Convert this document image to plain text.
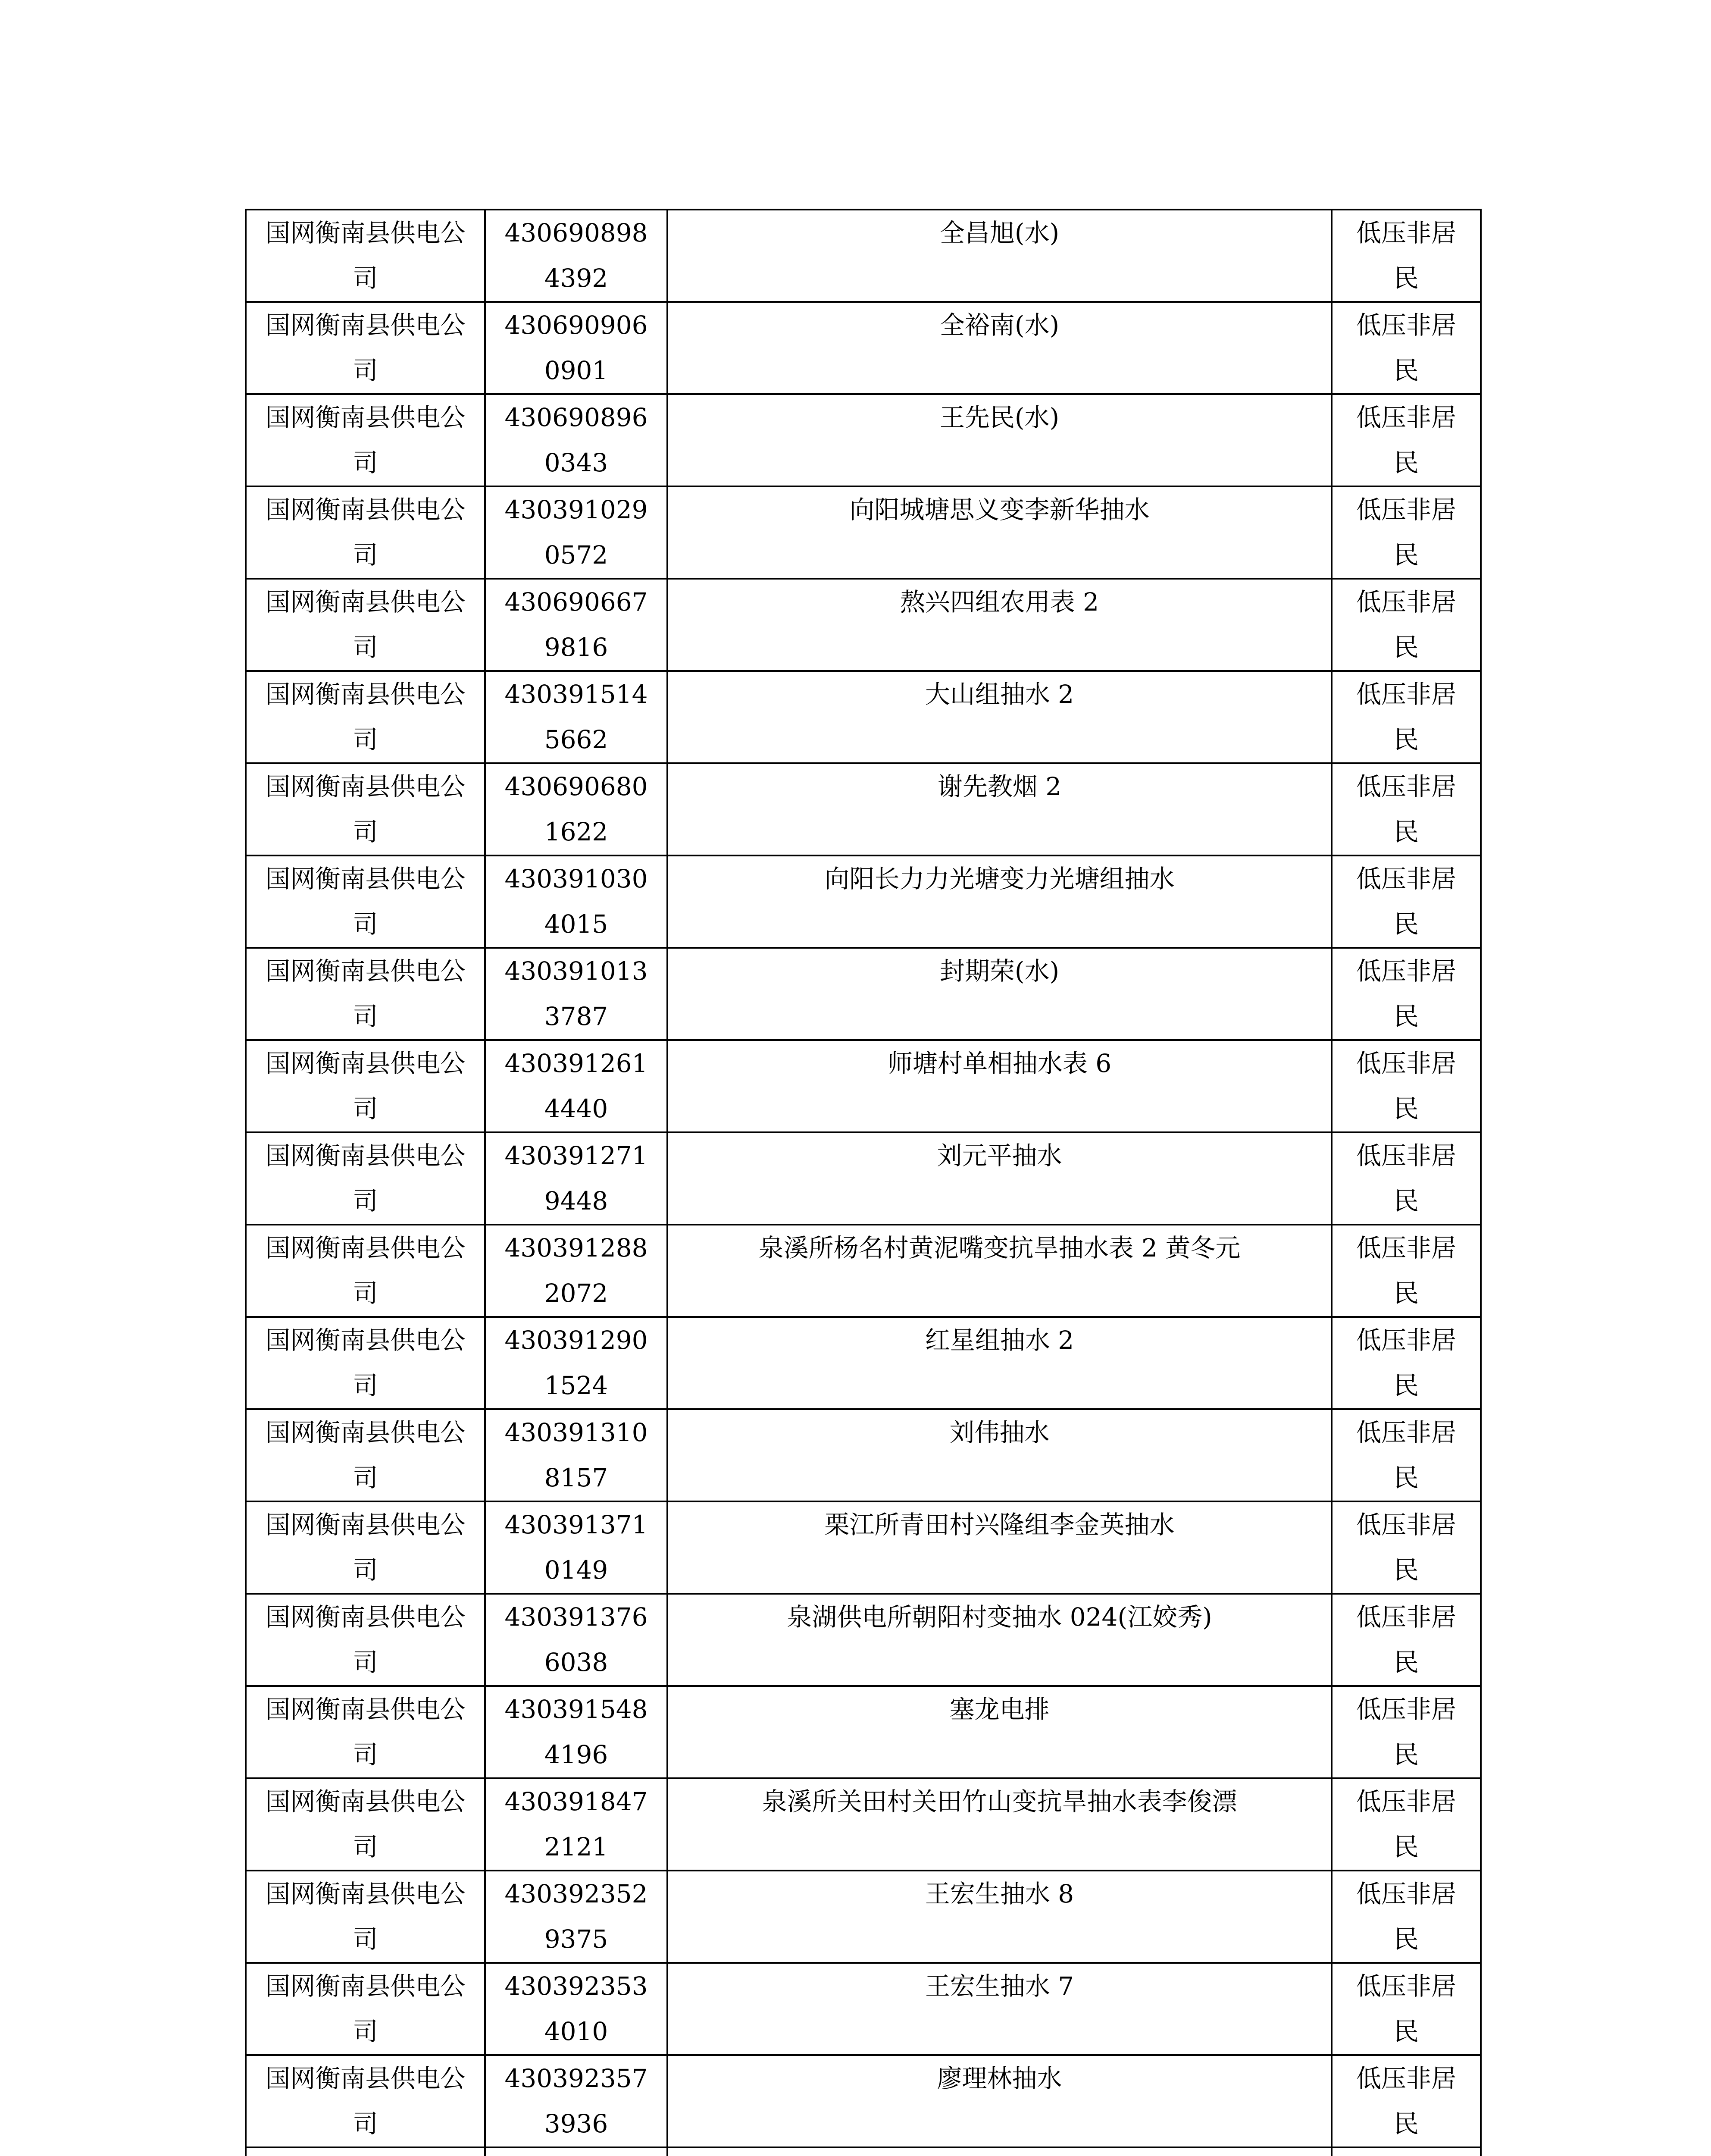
国网衡南县供电公司	4306908984392	全昌旭(水)	低压非居民

国网衡南县供电公司	4306909060901	全裕南(水)	低压非居民

国网衡南县供电公司	4306908960343	王先民(水)	低压非居民

国网衡南县供电公司	4303910290572	向阳城塘思义变李新华抽水	低压非居民

国网衡南县供电公司	4306906679816	熬兴四组农用表 2	低压非居民

国网衡南县供电公司	4303915145662	大山组抽水 2	低压非居民

国网衡南县供电公司	4306906801622	谢先教烟 2	低压非居民

国网衡南县供电公司	4303910304015	向阳长力力光塘变力光塘组抽水	低压非居民

国网衡南县供电公司	4303910133787	封期荣(水)	低压非居民

国网衡南县供电公司	4303912614440	师塘村单相抽水表 6	低压非居民

国网衡南县供电公司	4303912719448	刘元平抽水	低压非居民

国网衡南县供电公司	4303912882072	泉溪所杨名村黄泥嘴变抗旱抽水表 2 黄冬元	低压非居民

国网衡南县供电公司	4303912901524	红星组抽水 2	低压非居民

国网衡南县供电公司	4303913108157	刘伟抽水	低压非居民

国网衡南县供电公司	4303913710149	栗江所青田村兴隆组李金英抽水	低压非居民

国网衡南县供电公司	4303913766038	泉湖供电所朝阳村变抽水 024(江姣秀)	低压非居民

国网衡南县供电公司	4303915484196	塞龙电排	低压非居民

国网衡南县供电公司	4303918472121	泉溪所关田村关田竹山变抗旱抽水表李俊漂	低压非居民

国网衡南县供电公司	4303923529375	王宏生抽水 8	低压非居民

国网衡南县供电公司	4303923534010	王宏生抽水 7	低压非居民

国网衡南县供电公司	4303923573936	廖理林抽水	低压非居民
